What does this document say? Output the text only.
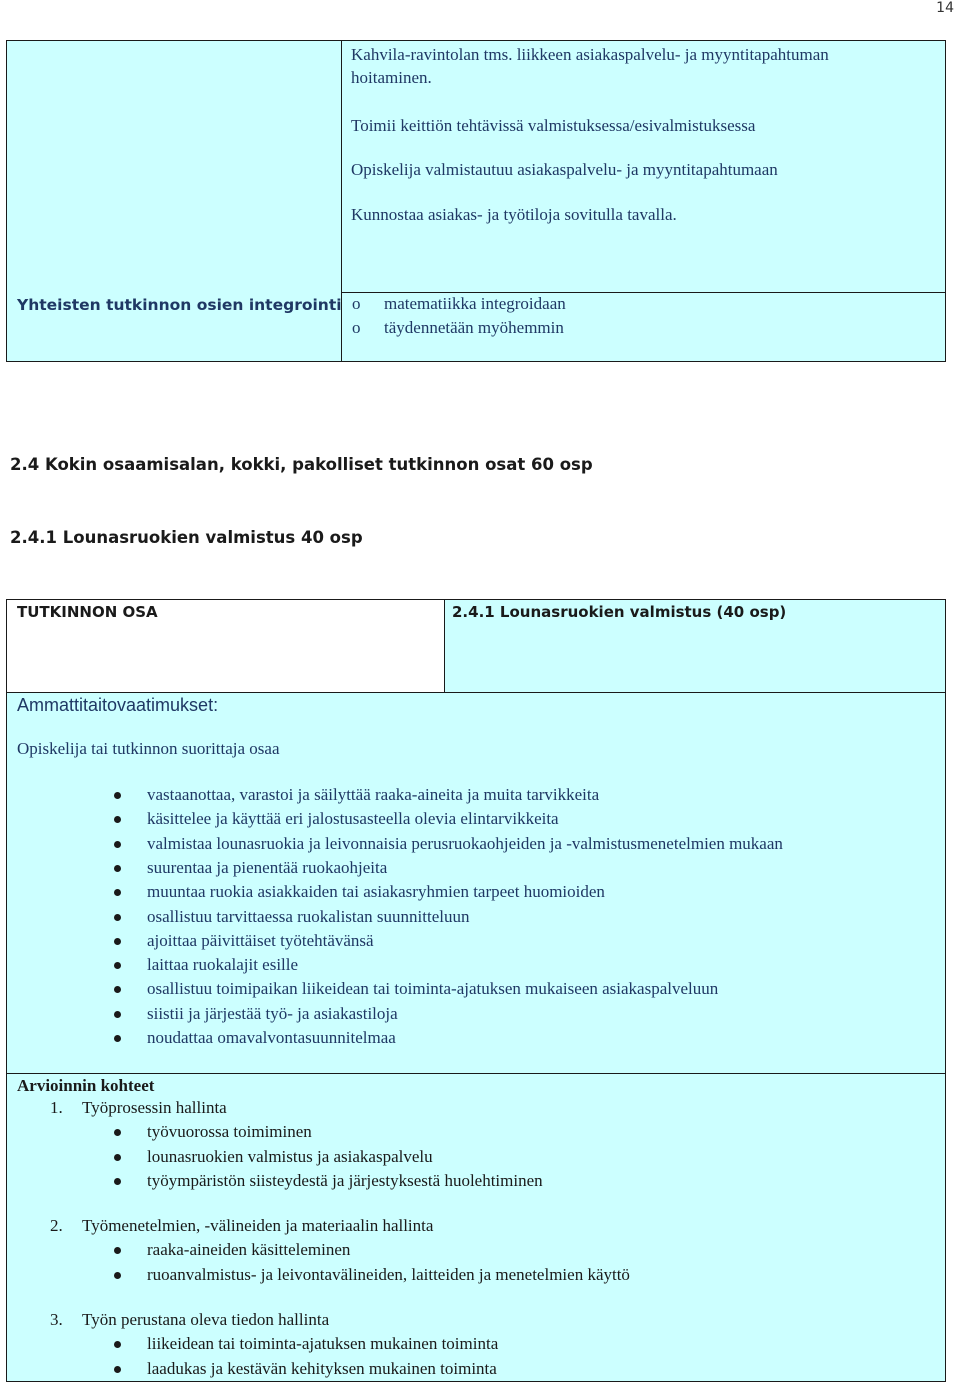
14
Kahvila-ravintolan tms. liikkeen asiakaspalvelu- ja myyntitapahtuman
hoitaminen.
Toimii keittiön tehtävissä valmistuksessa/esivalmistuksessa
Opiskelija valmistautuu asiakaspalvelu- ja myyntitapahtumaan
Kunnostaa asiakas- ja työtiloja sovitulla tavalla.
Yhteisten tutkinnon osien integrointi o matematiikka integroidaan
o täydennetään myöhemmin
2.4 Kokin osaamisalan, kokki, pakolliset tutkinnon osat 60 osp
2.4.1 Lounasruokien valmistus 40 osp
TUTKINNON OSA	2.4.1 Lounasruokien valmistus (40 osp)
Ammattitaitovaatimukset:
Opiskelija tai tutkinnon suorittaja osaa
vastaanottaa, varastoi ja säilyttää raaka-aineita ja muita tarvikkeita
käsittelee ja käyttää eri jalostusasteella olevia elintarvikkeita
valmistaa lounasruokia ja leivonnaisia perusruokaohjeiden ja -valmistusmenetelmien mukaan
suurentaa ja pienentää ruokaohjeita
muuntaa ruokia asiakkaiden tai asiakasryhmien tarpeet huomioiden
osallistuu tarvittaessa ruokalistan suunnitteluun
ajoittaa päivittäiset työtehtävänsä
laittaa ruokalajit esille
osallistuu toimipaikan liikeidean tai toiminta-ajatuksen mukaiseen asiakaspalveluun
siistii ja järjestää työ- ja asiakastiloja
noudattaa omavalvontasuunnitelmaa
Arvioinnin kohteet
1. Työprosessin hallinta
työvuorossa toimiminen
lounasruokien valmistus ja asiakaspalvelu
työympäristön siisteydestä ja järjestyksestä huolehtiminen
2. Työmenetelmien, -välineiden ja materiaalin hallinta
raaka-aineiden käsitteleminen
ruoanvalmistus- ja leivontavälineiden, laitteiden ja menetelmien käyttö
3. Työn perustana oleva tiedon hallinta
liikeidean tai toiminta-ajatuksen mukainen toiminta
laadukas ja kestävän kehityksen mukainen toiminta
